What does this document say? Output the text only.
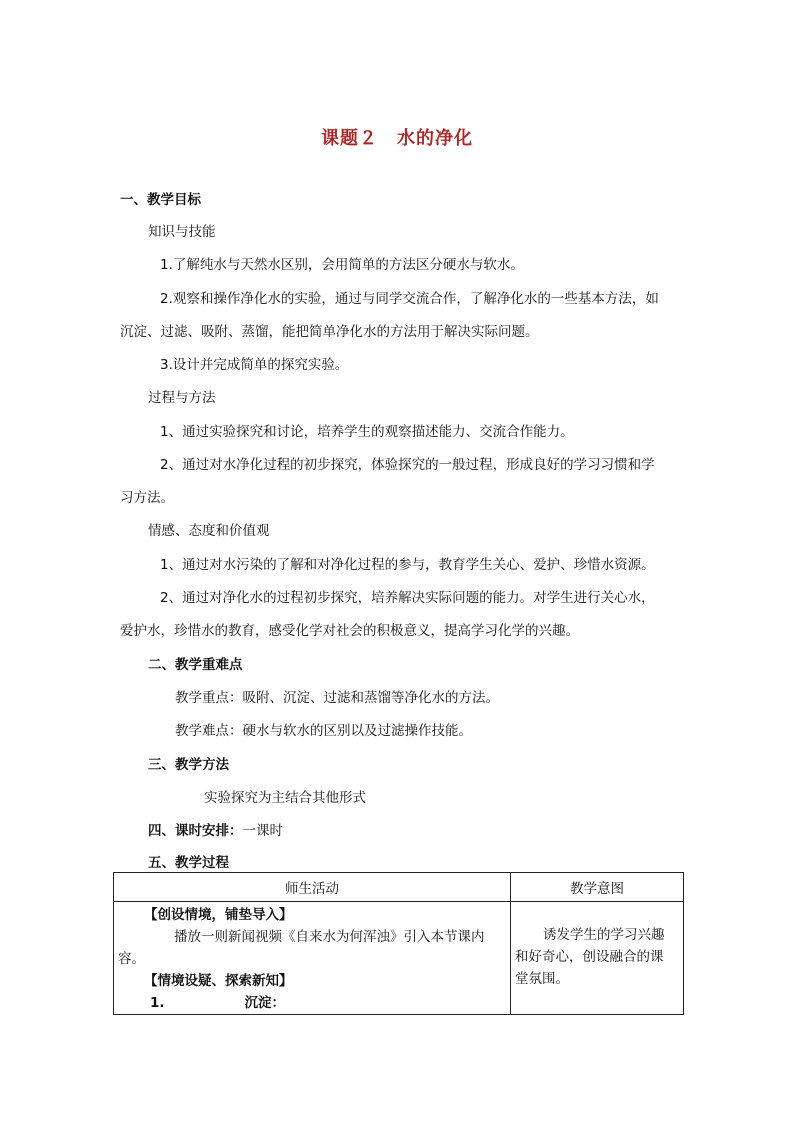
课题２　水的净化
一、教学目标
知识与技能
1.了解纯水与天然水区别，会用简单的方法区分硬水与软水。
2.观察和操作净化水的实验，通过与同学交流合作，了解净化水的一些基本方法，如
沉淀、过滤、吸附、蒸馏，能把简单净化水的方法用于解决实际问题。
3.设计并完成简单的探究实验。
过程与方法
1、通过实验探究和讨论，培养学生的观察描述能力、交流合作能力。
2、通过对水净化过程的初步探究，体验探究的一般过程，形成良好的学习习惯和学
习方法。
情感、态度和价值观
1、通过对水污染的了解和对净化过程的参与，教育学生关心、爱护、珍惜水资源。
2、通过对净化水的过程初步探究，培养解决实际问题的能力。对学生进行关心水，
爱护水，珍惜水的教育，感受化学对社会的积极意义，提高学习化学的兴趣。
二、教学重难点
教学重点：吸附、沉淀、过滤和蒸馏等净化水的方法。
教学难点：硬水与软水的区别以及过滤操作技能。
三、教学方法
实验探究为主结合其他形式
四、课时安排：一课时
五、教学过程
师生活动	教学意图

【创设情境，铺垫导入】
播放一则新闻视频《自来水为何浑浊》引入本节课内
容。
【情境设疑、探索新知】
1. 沉淀：	诱发学生的学习兴趣和好奇心，创设融合的课堂氛围。
